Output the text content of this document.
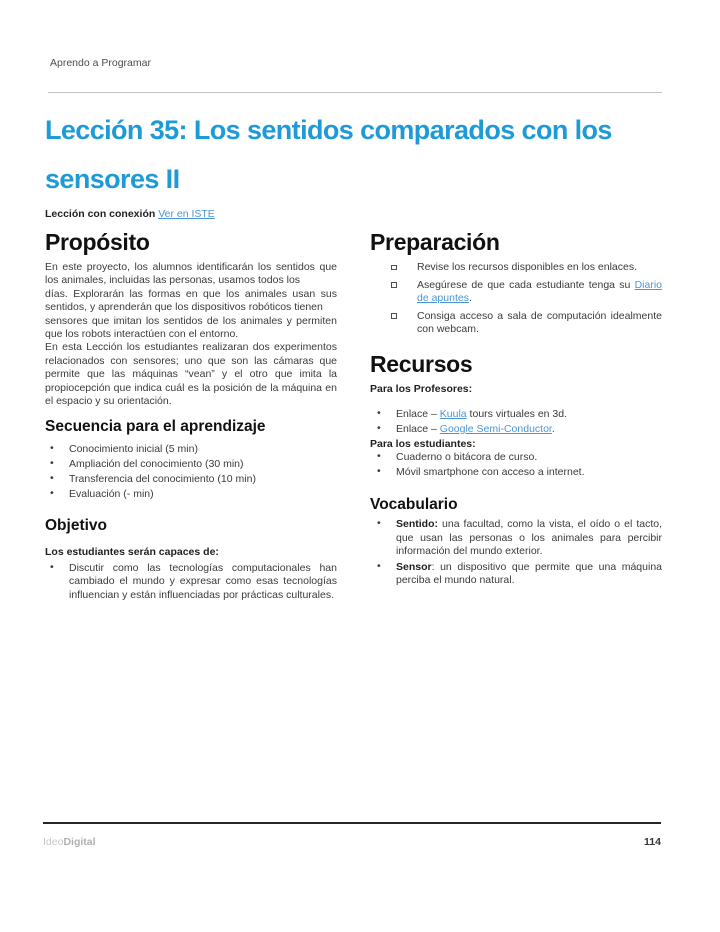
Aprendo a Programar
Lección 35: Los sentidos comparados con los
sensores II
Lección con conexión Ver en ISTE
Propósito
En este proyecto, los alumnos identificarán los sentidos que los animales, incluidas las personas, usamos todos los
días. Explorarán las formas en que los animales usan sus sentidos, y aprenderán que los dispositivos robóticos tienen
sensores que imitan los sentidos de los animales y permiten que los robots interactúen con el entorno.
En esta Lección los estudiantes realizaran dos experimentos relacionados con sensores; uno que son las cámaras que permite que las máquinas “vean” y el otro que imita la propiocepción que indica cuál es la posición de la máquina en el espacio y su orientación.
Secuencia para el aprendizaje
• Conocimiento inicial (5 min)
• Ampliación del conocimiento (30 min)
• Transferencia del conocimiento (10 min)
• Evaluación (- min)
Objetivo
Los estudiantes serán capaces de:
• Discutir como las tecnologías computacionales han cambiado el mundo y expresar como esas tecnologías influencian y están influenciadas por prácticas culturales.
Preparación
Revise los recursos disponibles en los enlaces.
Asegúrese de que cada estudiante tenga su Diario de apuntes.
Consiga acceso a sala de computación idealmente con webcam.
Recursos
Para los Profesores:
• Enlace – Kuula tours virtuales en 3d.
• Enlace – Google Semi-Conductor.
Para los estudiantes:
• Cuaderno o bitácora de curso.
• Móvil smartphone con acceso a internet.
Vocabulario
• Sentido: una facultad, como la vista, el oído o el tacto, que usan las personas o los animales para percibir información del mundo exterior.
• Sensor: un dispositivo que permite que una máquina perciba el mundo natural.
IdeoDigital	114
